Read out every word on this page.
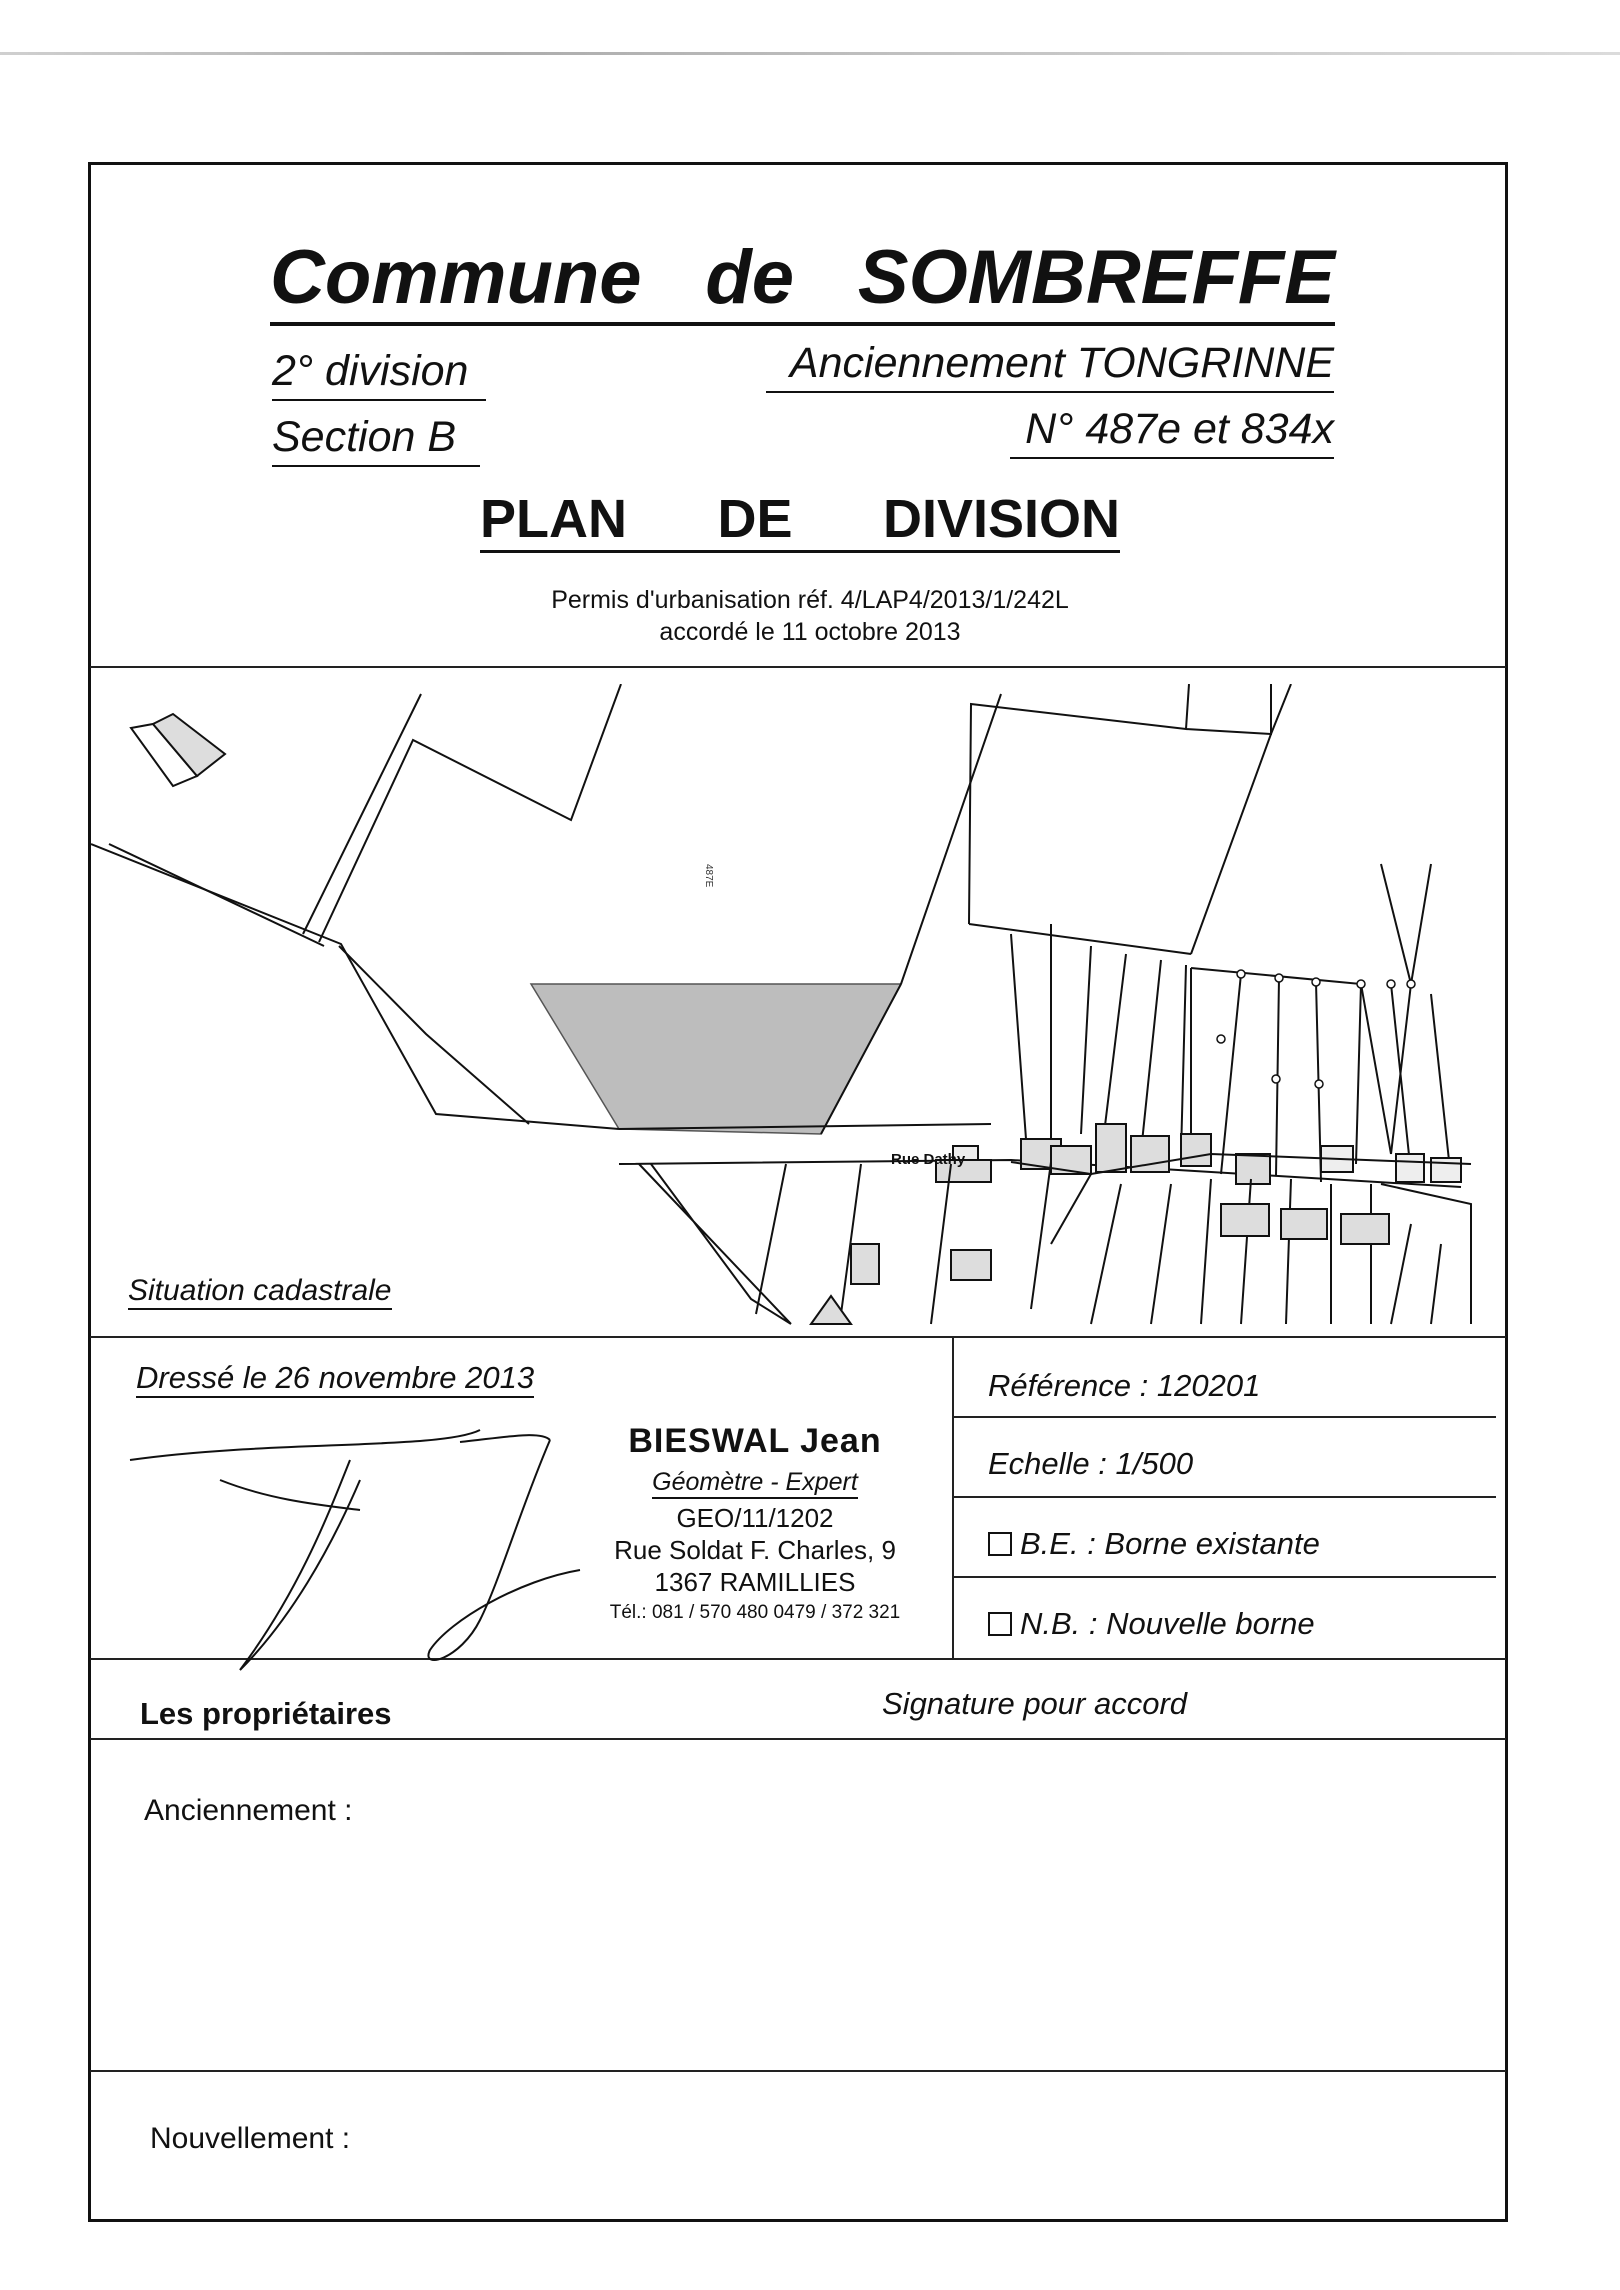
Commune de SOMBREFFE
2° division
Section B
Anciennement TONGRINNE
N° 487e et 834x
PLAN DE DIVISION
Permis d'urbanisation réf. 4/LAP4/2013/1/242L
accordé le 11 octobre 2013
Rue Dathy
487E
Situation cadastrale
Dressé le 26 novembre 2013
BIESWAL Jean
Géomètre - Expert
GEO/11/1202
Rue Soldat F. Charles, 9
1367 RAMILLIES
Tél.: 081 / 570 480 0479 / 372 321
Référence : 120201
Echelle : 1/500
B.E. : Borne existante
N.B. : Nouvelle borne
Les propriétaires	Signature pour accord
Anciennement :
Nouvellement :
